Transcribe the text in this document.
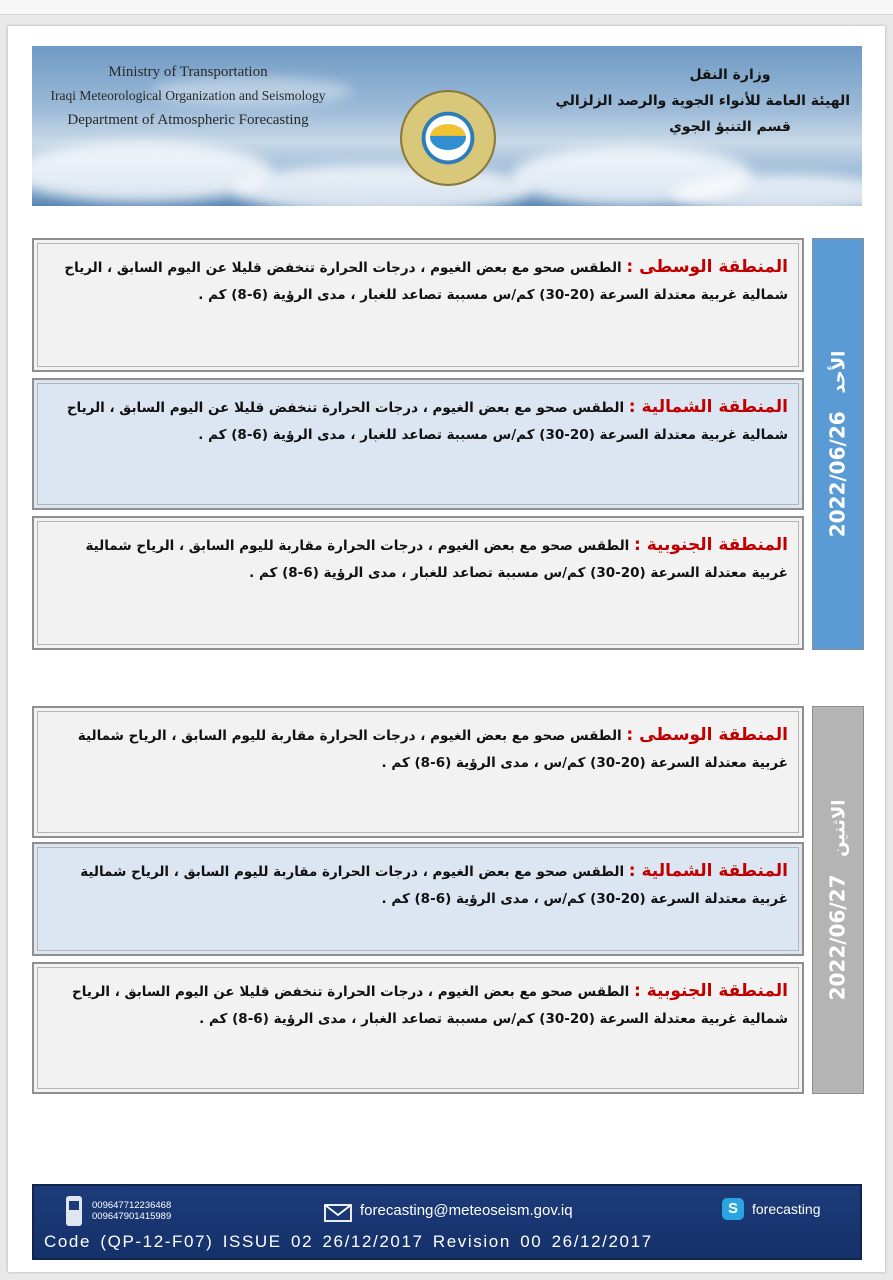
Ministry of Transportation
Iraqi Meteorological Organization and Seismology
Department of Atmospheric Forecasting
وزارة النقل
الهيئة العامة للأنواء الجوية والرصد الزلزالي
قسم التنبؤ الجوي

المنطقة الوسطى : الطقس صحو مع بعض الغيوم ، درجات الحرارة تنخفض قليلا عن اليوم السابق ، الرياح شمالية غربية معتدلة السرعة (20-30) كم/س مسببة تصاعد للغبار ، مدى الرؤية (6-8) كم .

المنطقة الشمالية : الطقس صحو مع بعض الغيوم ، درجات الحرارة تنخفض قليلا عن اليوم السابق ، الرياح شمالية غربية معتدلة السرعة (20-30) كم/س مسببة تصاعد للغبار ، مدى الرؤية (6-8) كم .

المنطقة الجنوبية : الطقس صحو مع بعض الغيوم ، درجات الحرارة مقاربة لليوم السابق ، الرياح شمالية غربية معتدلة السرعة (20-30) كم/س مسببة تصاعد للغبار ، مدى الرؤية (6-8) كم .

2022/06/26 الأحد

المنطقة الوسطى : الطقس صحو مع بعض الغيوم ، درجات الحرارة مقاربة لليوم السابق ، الرياح شمالية غربية معتدلة السرعة (20-30) كم/س ، مدى الرؤية (6-8) كم .

المنطقة الشمالية : الطقس صحو مع بعض الغيوم ، درجات الحرارة مقاربة لليوم السابق ، الرياح شمالية غربية معتدلة السرعة (20-30) كم/س ، مدى الرؤية (6-8) كم .

المنطقة الجنوبية : الطقس صحو مع بعض الغيوم ، درجات الحرارة تنخفض قليلا عن اليوم السابق ، الرياح شمالية غربية معتدلة السرعة (20-30) كم/س مسببة تصاعد الغبار ، مدى الرؤية (6-8) كم .

2022/06/27 الاثنين
009647712236468
009647901415989	forecasting@meteoseism.gov.iq	S	forecasting
Code (QP-12-F07) ISSUE 02 26/12/2017 Revision 00 26/12/2017
